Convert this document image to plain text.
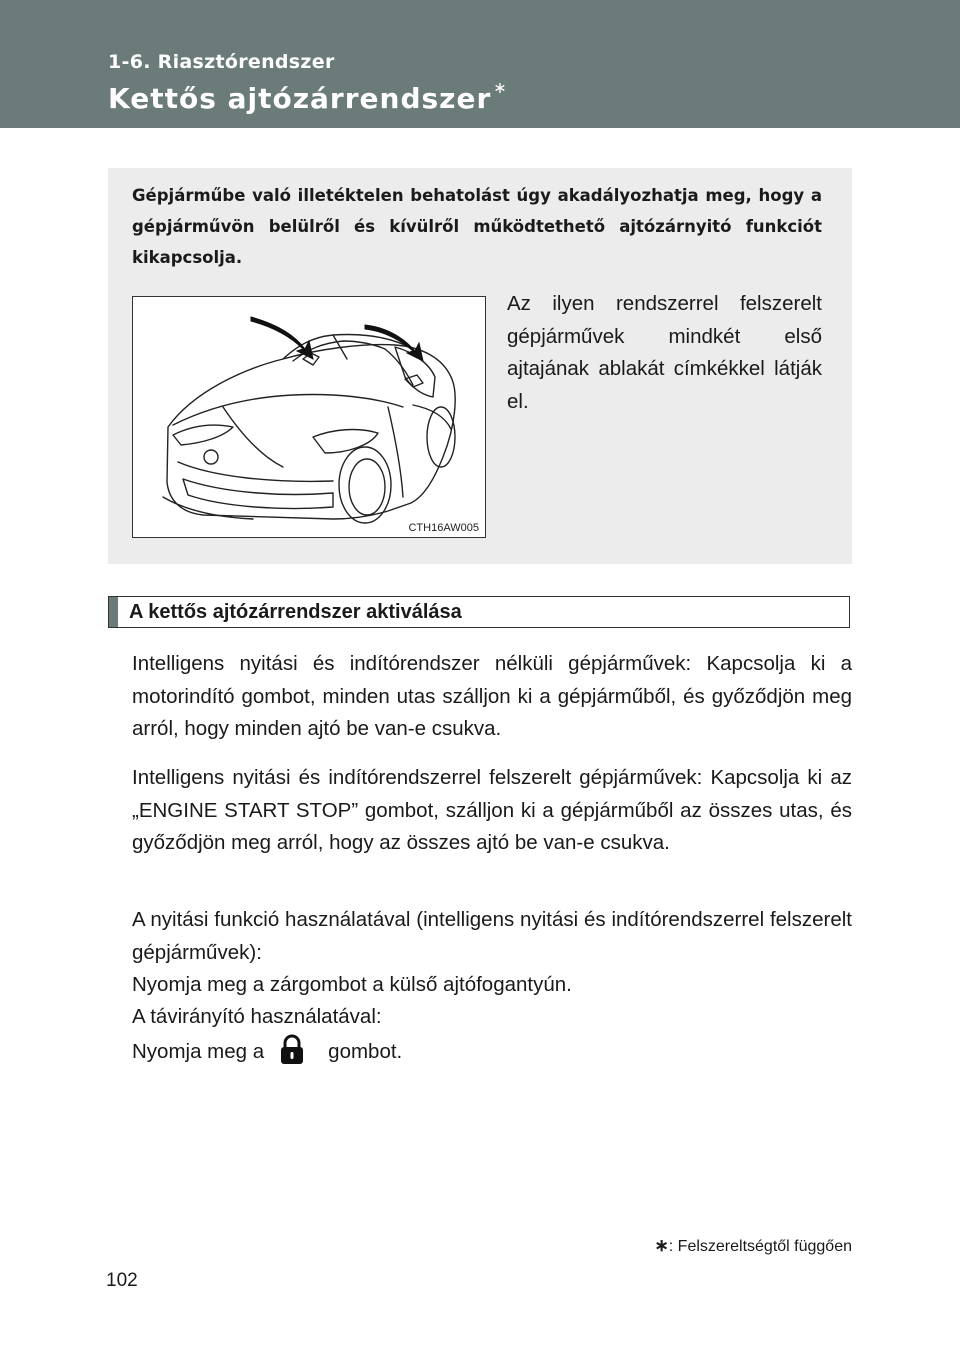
1-6. Riasztórendszer
Kettős ajtózárrendszer ∗
Gépjárműbe való illetéktelen behatolást úgy akadályozhatja meg, hogy a gépjárművön belülről és kívülről működtethető ajtózárnyitó funkciót kikapcsolja.
CTH16AW005
Az ilyen rendszerrel felszerelt gépjárművek mindkét első ajtajának ablakát címkékkel látják el.
A kettős ajtózárrendszer aktiválása
Intelligens nyitási és indítórendszer nélküli gépjárművek: Kapcsolja ki a motorindító gombot, minden utas szálljon ki a gépjárműből, és győződjön meg arról, hogy minden ajtó be van-e csukva.
Intelligens nyitási és indítórendszerrel felszerelt gépjárművek: Kapcsolja ki az „ENGINE START STOP” gombot, szálljon ki a gépjárműből az összes utas, és győződjön meg arról, hogy az összes ajtó be van-e csukva.
A nyitási funkció használatával (intelligens nyitási és indítórendszerrel felszerelt gépjárművek):
Nyomja meg a zárgombot a külső ajtófogantyún.
A távirányító használatával:
Nyomja meg a	gombot.
∗: Felszereltségtől függően
102
